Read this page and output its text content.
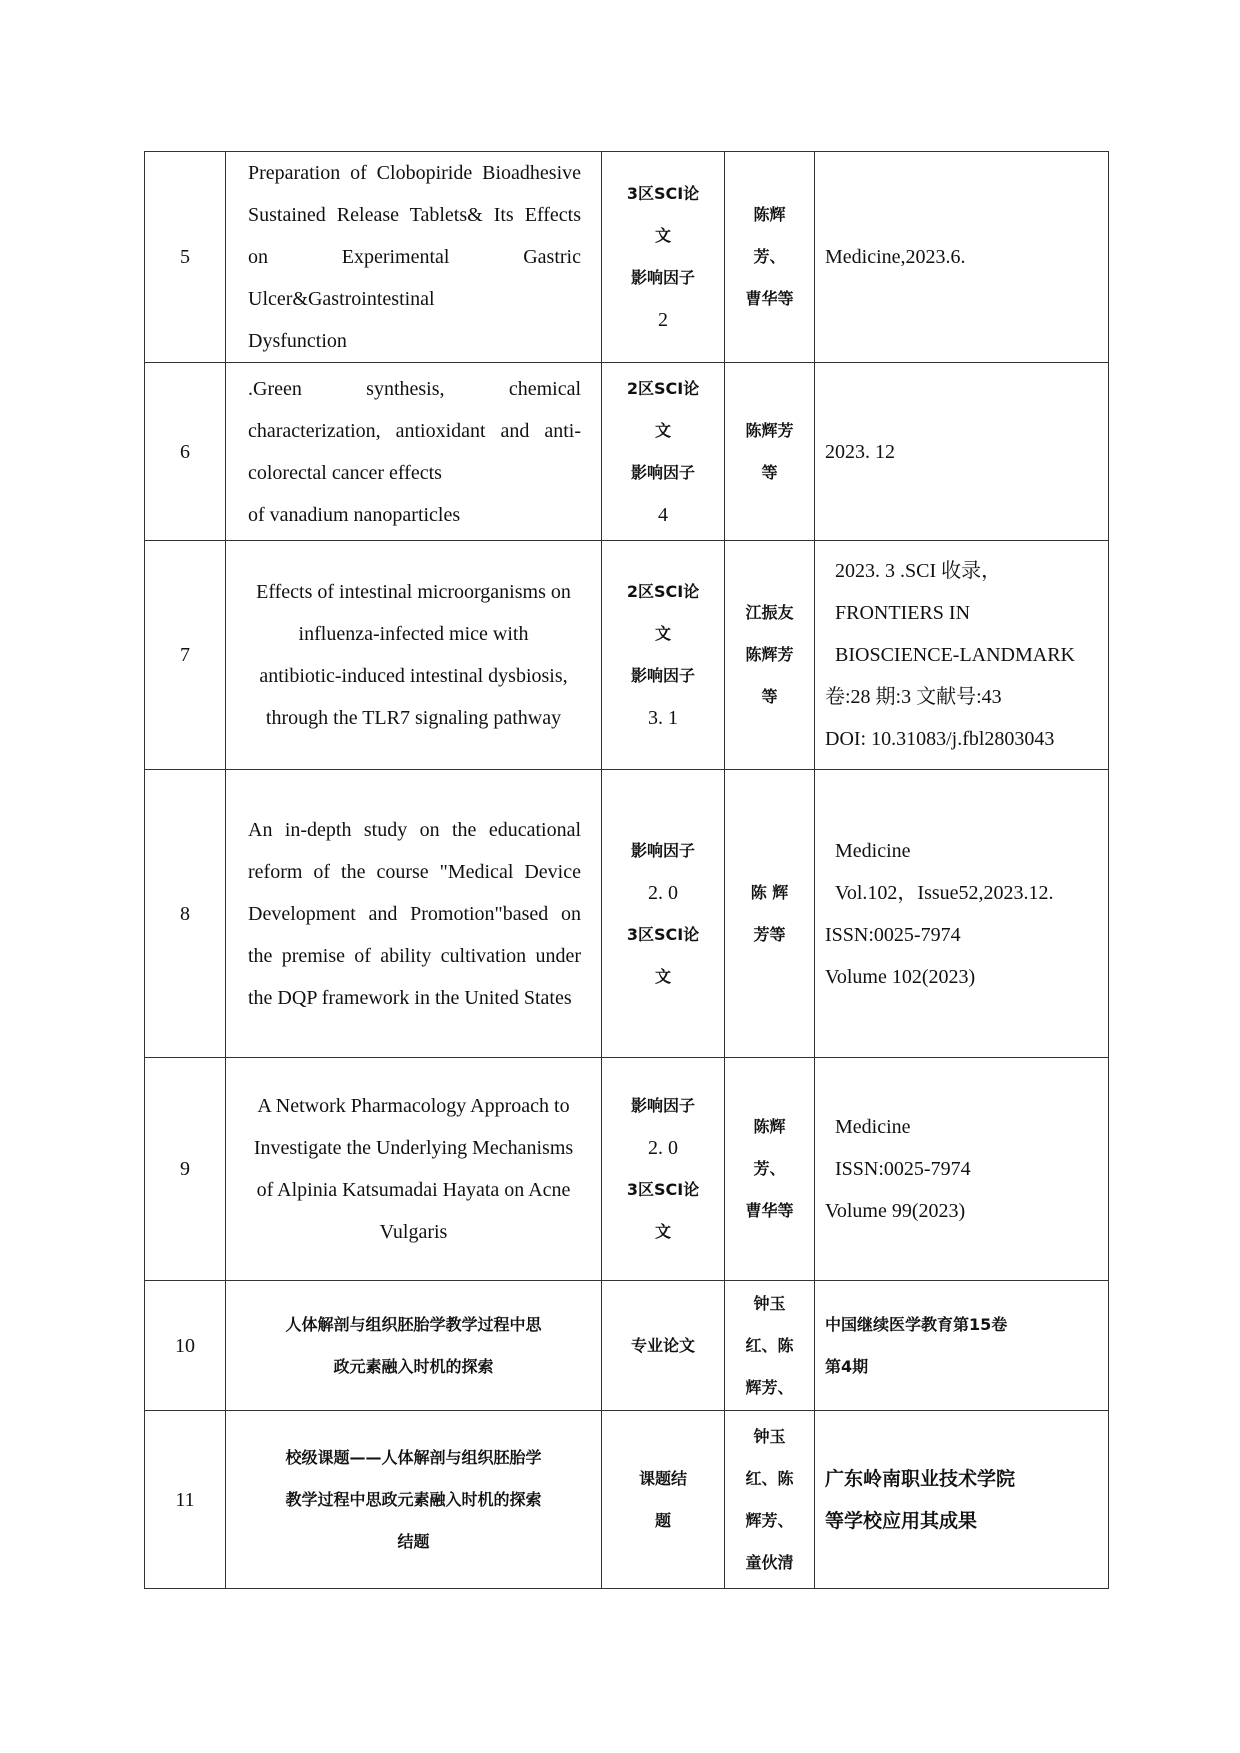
5	Preparation of Clobopiride Bioadhesive Sustained Release Tablets& Its Effects on Experimental Gastric Ulcer&Gastrointestinal
Dysfunction	3区SCI论
文
影响因子
2	陈辉
芳、
曹华等	Medicine,2023.6.

6	.Green synthesis, chemical characterization, antioxidant and anti-colorectal cancer effects
of vanadium nanoparticles	2区SCI论
文
影响因子
4	陈辉芳
等	2023. 12

7	Effects of intestinal microorganisms on
influenza-infected mice with
antibiotic-induced intestinal dysbiosis,
through the TLR7 signaling pathway	2区SCI论
文
影响因子
3. 1	江振友
陈辉芳
等	2023. 3 .SCI 收录，
FRONTIERS IN
BIOSCIENCE-LANDMARK
卷:28 期:3 文献号:43
DOI: 10.31083/j.fbl2803043

8	An in-depth study on the educational reform of the course "Medical Device Development and Promotion"based on the premise of ability cultivation under the DQP framework in the United States	影响因子
2. 0
3区SCI论
文	陈 辉
芳等	Medicine
Vol.102，Issue52,2023.12.
ISSN:0025-7974
Volume 102(2023)

9	A Network Pharmacology Approach to
Investigate the Underlying Mechanisms
of Alpinia Katsumadai Hayata on Acne
Vulgaris	影响因子
2. 0
3区SCI论
文	陈辉
芳、
曹华等	Medicine
ISSN:0025-7974
Volume 99(2023)

10	人体解剖与组织胚胎学教学过程中思
政元素融入时机的探索	专业论文	钟玉
红、陈
辉芳、	中国继续医学教育第15卷
第4期

11	校级课题——人体解剖与组织胚胎学
教学过程中思政元素融入时机的探索
结题	课题结
题	钟玉
红、陈
辉芳、
童伙清	广东岭南职业技术学院
等学校应用其成果
